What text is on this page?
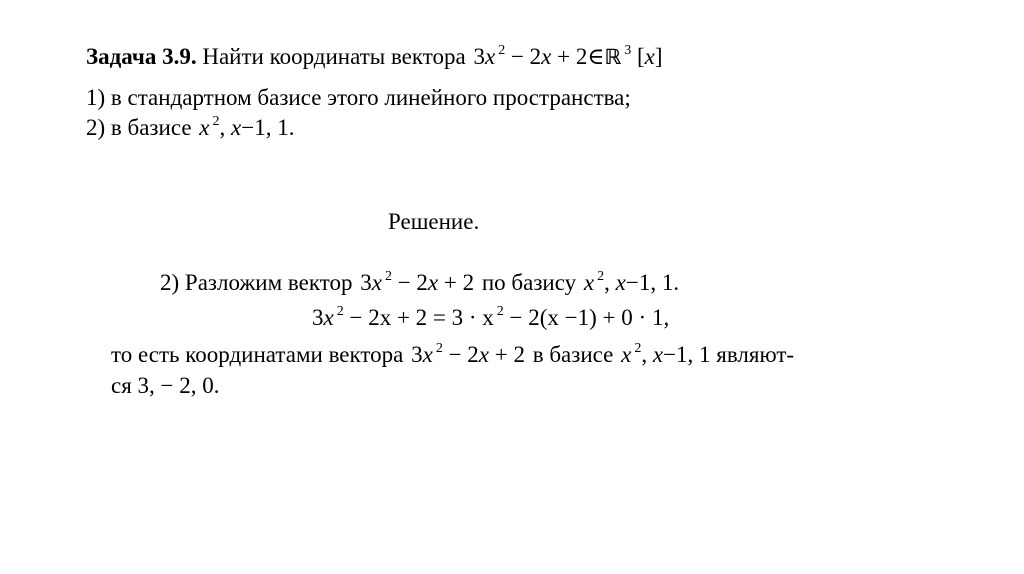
Задача 3.9. Найти координаты вектора 3x $^2$ − 2x + 2∈ℝ $^3$ [x]
1) в стандартном базисе этого линейного пространства;
2) в базисе x $^2$, x−1, 1.
Решение.
2) Разложим вектор 3x $^2$ − 2x + 2 по базису x $^2$, x−1, 1.
3x $^2$ − 2x + 2 = 3 · x $^2$ − 2(x −1) + 0 · 1,
то есть координатами вектора 3x $^2$ − 2x + 2 в базисе x $^2$, x−1, 1 являют-
ся 3, − 2, 0.
